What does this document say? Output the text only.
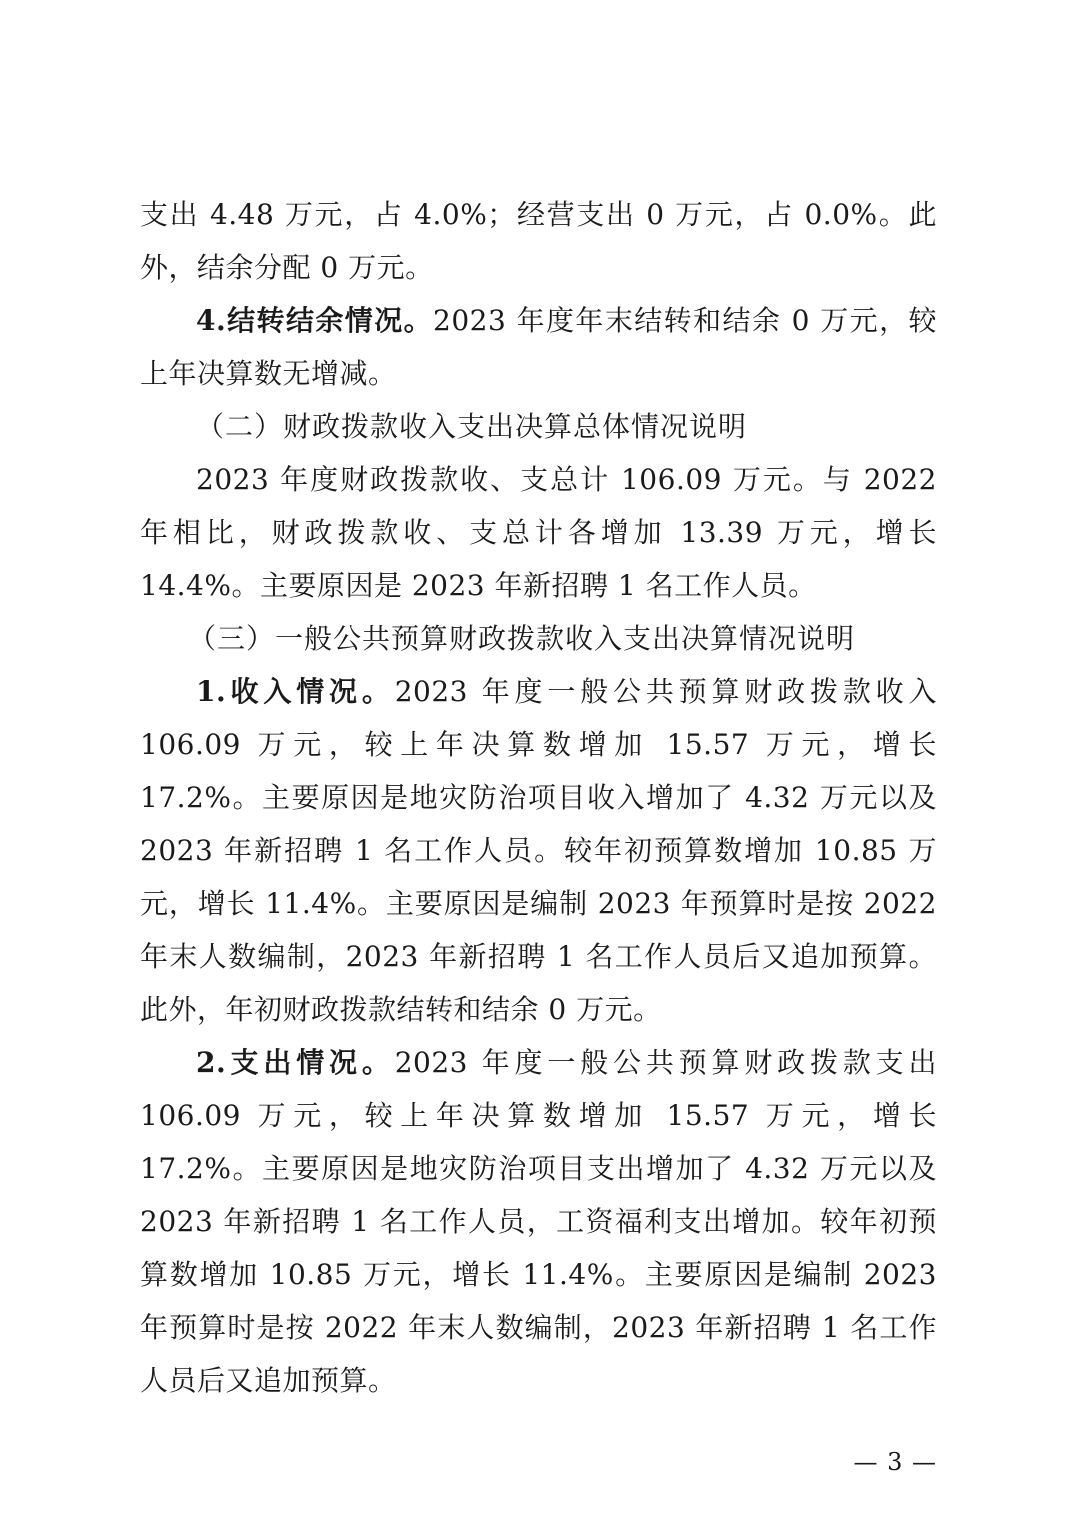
支出 4.48 万元，占 4.0%；经营支出 0 万元，占 0.0%。此外，结余分配 0 万元。

4.结转结余情况。2023 年度年末结转和结余 0 万元，较上年决算数无增减。

（二）财政拨款收入支出决算总体情况说明

2023 年度财政拨款收、支总计 106.09 万元。与 2022 年相比，财政拨款收、支总计各增加 13.39 万元，增长 14.4%。主要原因是 2023 年新招聘 1 名工作人员。

（三）一般公共预算财政拨款收入支出决算情况说明

1.收入情况。2023 年度一般公共预算财政拨款收入 106.09 万元，较上年决算数增加 15.57 万元，增长 17.2%。主要原因是地灾防治项目收入增加了 4.32 万元以及 2023 年新招聘 1 名工作人员。较年初预算数增加 10.85 万元，增长 11.4%。主要原因是编制 2023 年预算时是按 2022 年末人数编制，2023 年新招聘 1 名工作人员后又追加预算。此外，年初财政拨款结转和结余 0 万元。

2.支出情况。2023 年度一般公共预算财政拨款支出 106.09 万元，较上年决算数增加 15.57 万元，增长 17.2%。主要原因是地灾防治项目支出增加了 4.32 万元以及 2023 年新招聘 1 名工作人员，工资福利支出增加。较年初预算数增加 10.85 万元，增长 11.4%。主要原因是编制 2023 年预算时是按 2022 年末人数编制，2023 年新招聘 1 名工作人员后又追加预算。

— 3 —
